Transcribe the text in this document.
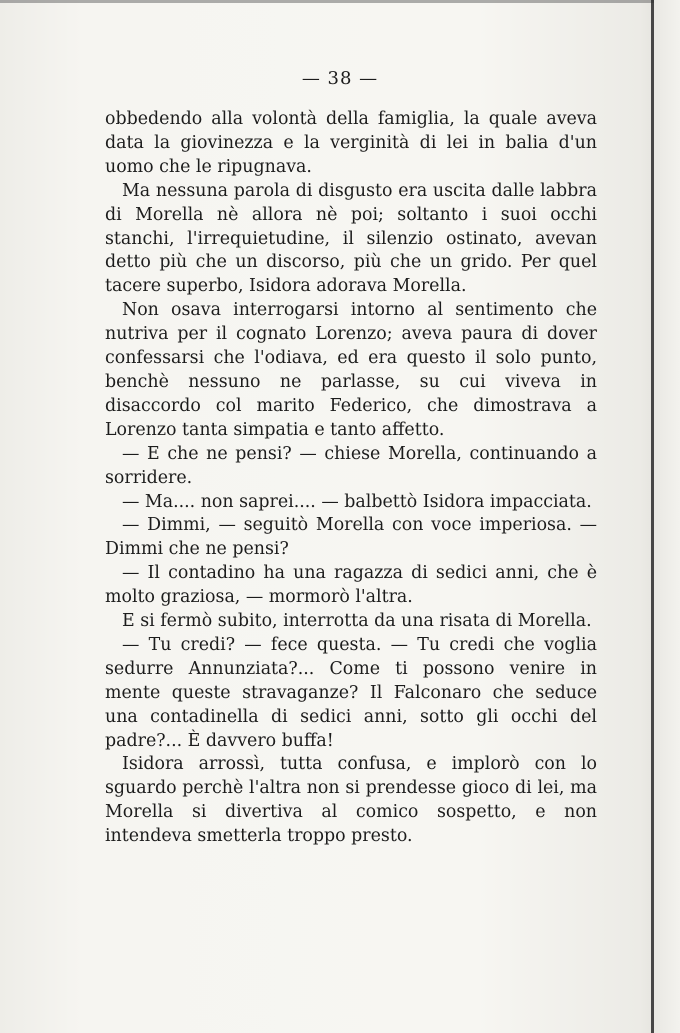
— 38 —

obbedendo alla volontà della famiglia, la quale aveva data la giovinezza e la verginità di lei in balia d'un uomo che le ripugnava.

Ma nessuna parola di disgusto era uscita dalle labbra di Morella nè allora nè poi; soltanto i suoi occhi stanchi, l'irrequietudine, il silenzio ostinato, avevan detto più che un discorso, più che un grido. Per quel tacere superbo, Isidora adorava Morella.

Non osava interrogarsi intorno al sentimento che nutriva per il cognato Lorenzo; aveva paura di dover confessarsi che l'odiava, ed era questo il solo punto, benchè nessuno ne parlasse, su cui viveva in disaccordo col marito Federico, che dimostrava a Lorenzo tanta simpatia e tanto affetto.

— E che ne pensi? — chiese Morella, continuando a sorridere.

— Ma.... non saprei.... — balbettò Isidora impacciata.

— Dimmi, — seguitò Morella con voce imperiosa. — Dimmi che ne pensi?

— Il contadino ha una ragazza di sedici anni, che è molto graziosa, — mormorò l'altra.

E si fermò subito, interrotta da una risata di Morella.

— Tu credi? — fece questa. — Tu credi che voglia sedurre Annunziata?... Come ti possono venire in mente queste stravaganze? Il Falconaro che seduce una contadinella di sedici anni, sotto gli occhi del padre?... È davvero buffa!

Isidora arrossì, tutta confusa, e implorò con lo sguardo perchè l'altra non si prendesse gioco di lei, ma Morella si divertiva al comico sospetto, e non intendeva smetterla troppo presto.
